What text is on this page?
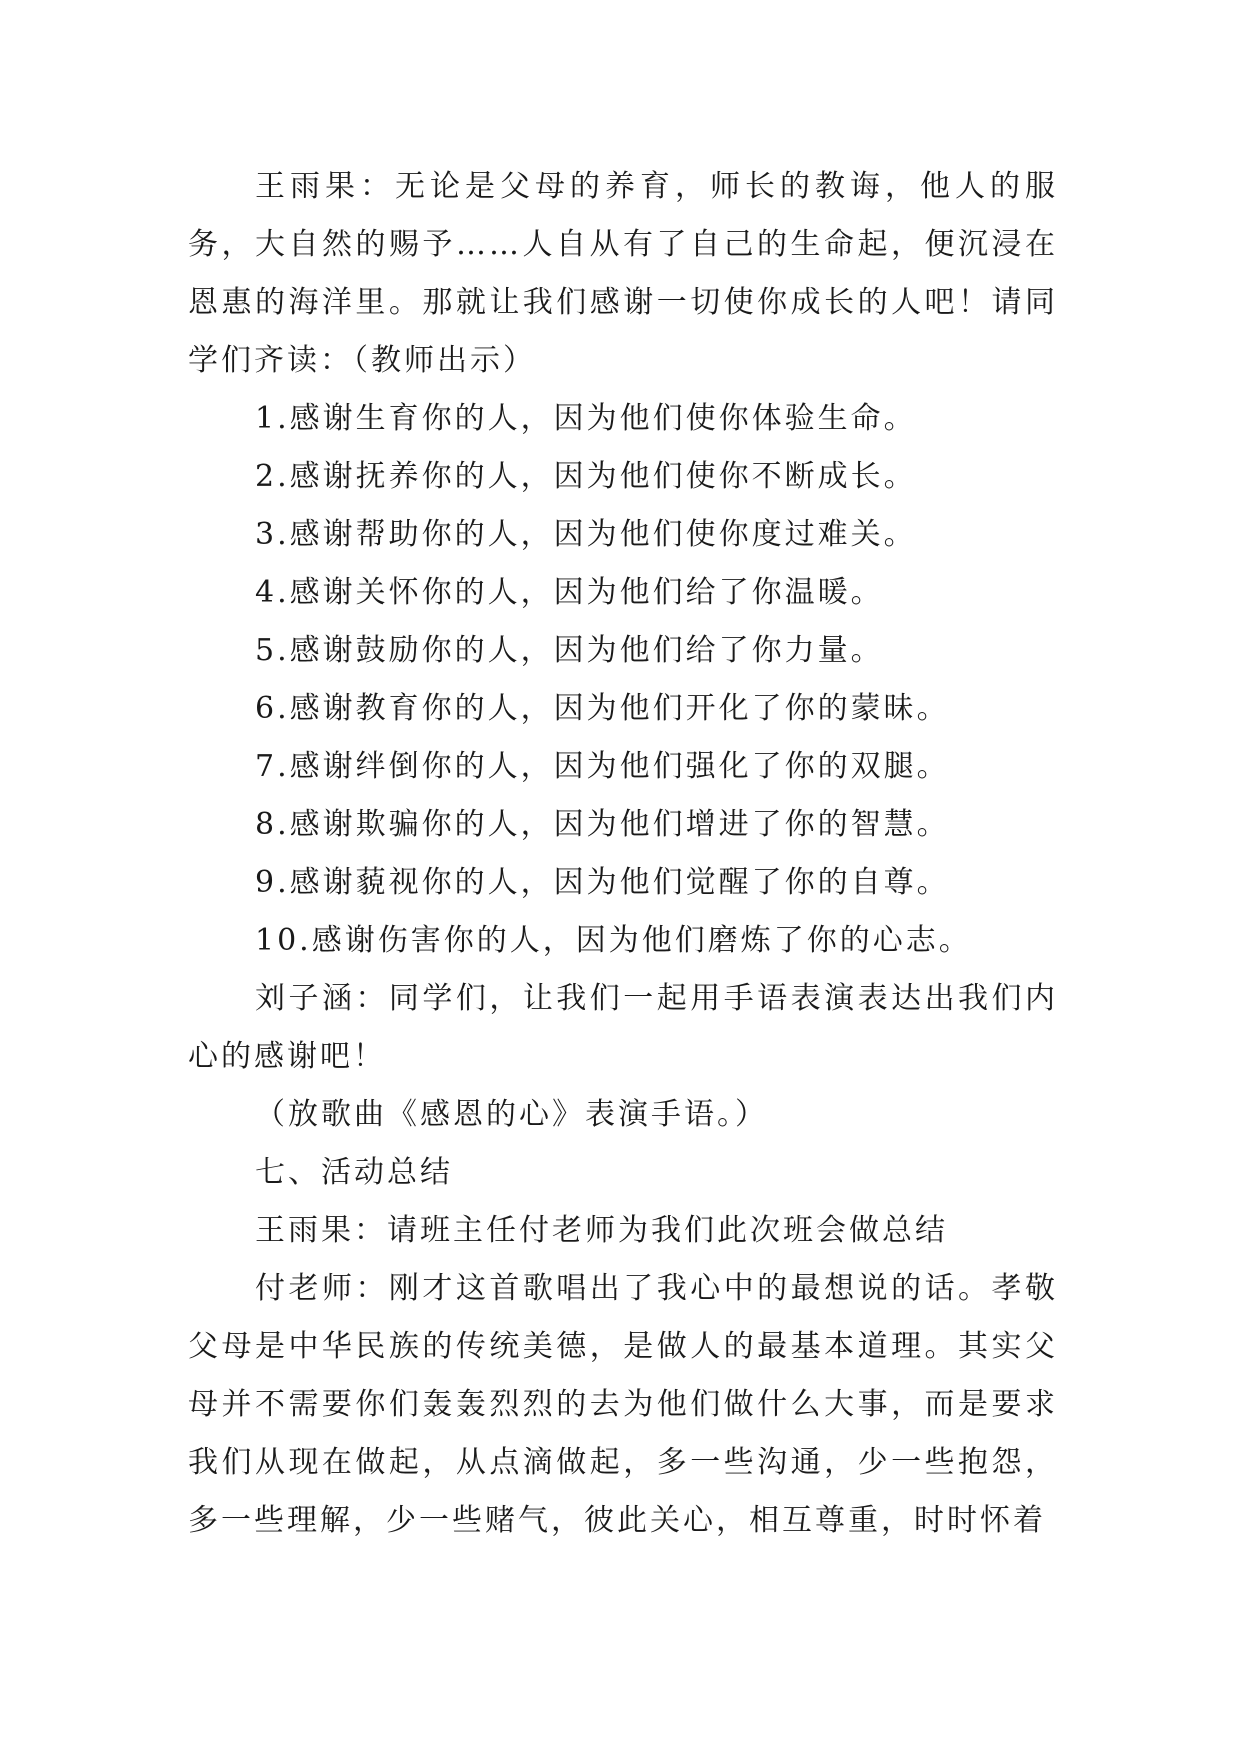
王雨果：无论是父母的养育，师长的教诲，他人的服务，大自然的赐予……人自从有了自己的生命起，便沉浸在恩惠的海洋里。那就让我们感谢一切使你成长的人吧！请同学们齐读：（教师出示）

1.感谢生育你的人，因为他们使你体验生命。

2.感谢抚养你的人，因为他们使你不断成长。

3.感谢帮助你的人，因为他们使你度过难关。

4.感谢关怀你的人，因为他们给了你温暖。

5.感谢鼓励你的人，因为他们给了你力量。

6.感谢教育你的人，因为他们开化了你的蒙昧。

7.感谢绊倒你的人，因为他们强化了你的双腿。

8.感谢欺骗你的人，因为他们增进了你的智慧。

9.感谢藐视你的人，因为他们觉醒了你的自尊。

10.感谢伤害你的人，因为他们磨炼了你的心志。

刘子涵：同学们，让我们一起用手语表演表达出我们内心的感谢吧！

（放歌曲《感恩的心》表演手语。）

七、活动总结

王雨果：请班主任付老师为我们此次班会做总结

付老师：刚才这首歌唱出了我心中的最想说的话。孝敬父母是中华民族的传统美德，是做人的最基本道理。其实父母并不需要你们轰轰烈烈的去为他们做什么大事，而是要求我们从现在做起，从点滴做起，多一些沟通，少一些抱怨，多一些理解，少一些赌气，彼此关心，相互尊重，时时怀着
